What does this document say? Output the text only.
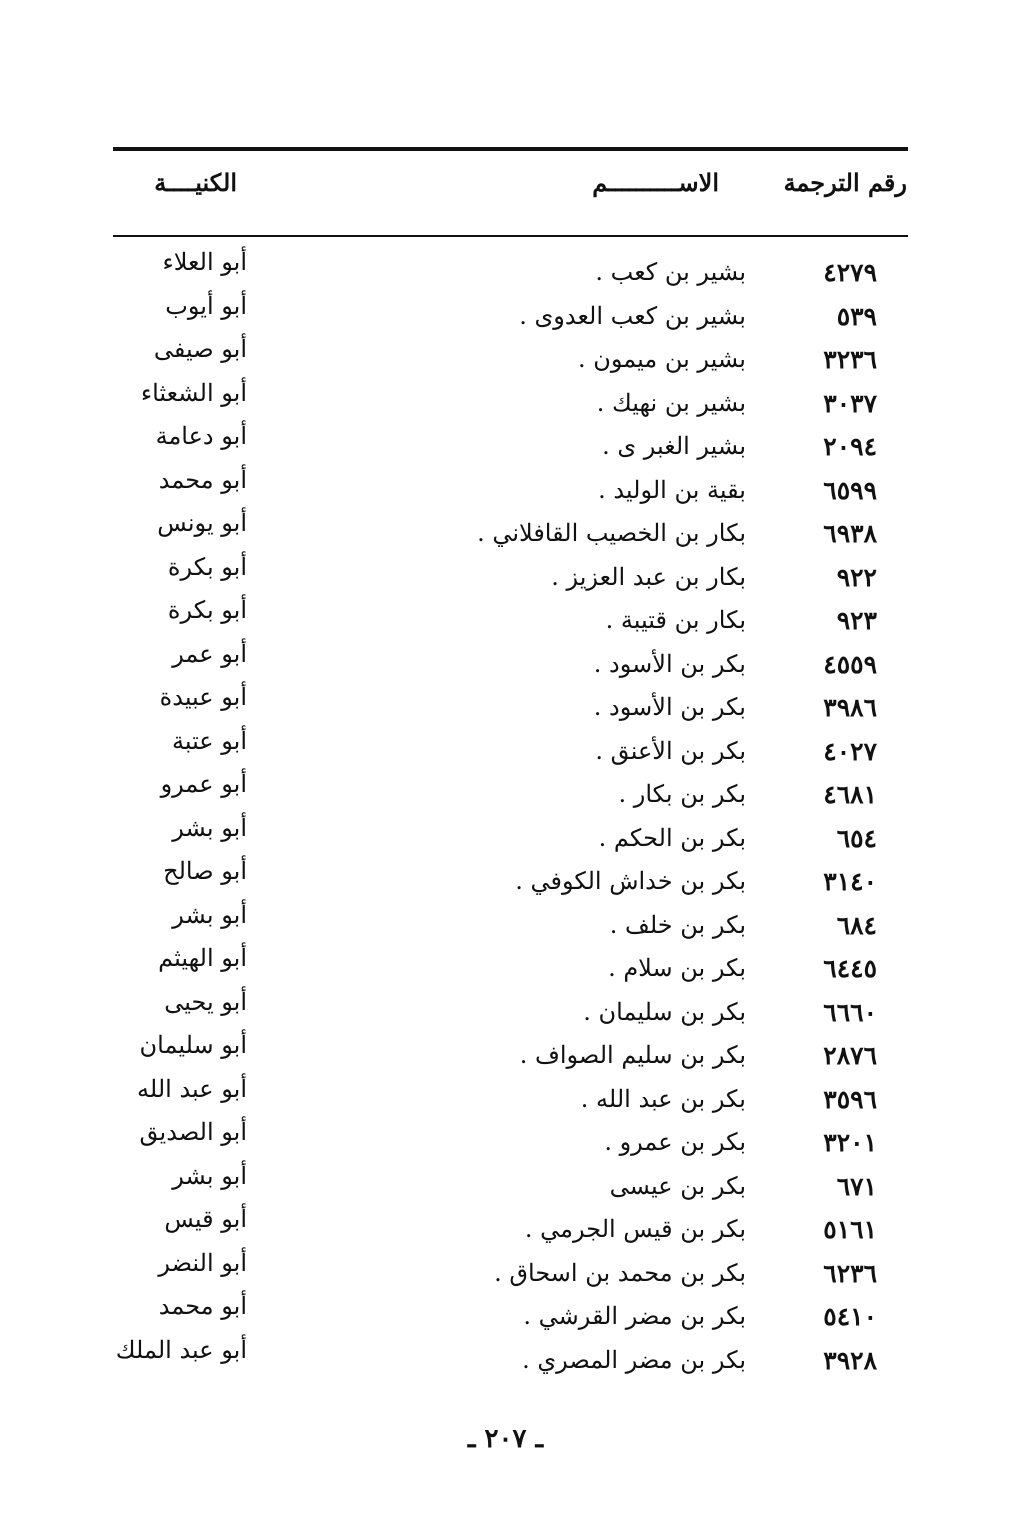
رقم الترجمة
الاســــــــــم
الكنيــــة
٤٢٧٩
بشير بن كعب .
أبو العلاء
٥٣٩
بشير بن كعب العدوى .
أبو أيوب
٣٢٣٦
بشير بن ميمون .
أبو صيفى
٣٠٣٧
بشير بن نهيك .
أبو الشعثاء
٢٠٩٤
بشير الغبر ى .
أبو دعامة
٦٥٩٩
بقية بن الوليد .
أبو محمد
٦٩٣٨
بكار بن الخصيب القافلاني .
أبو يونس
٩٢٢
بكار بن عبد العزيز .
أبو بكرة
٩٢٣
بكار بن قتيبة .
أبو بكرة
٤٥٥٩
بكر بن الأسود .
أبو عمر
٣٩٨٦
بكر بن الأسود .
أبو عبيدة
٤٠٢٧
بكر بن الأعنق .
أبو عتبة
٤٦٨١
بكر بن بكار .
أبو عمرو
٦٥٤
بكر بن الحكم .
أبو بشر
٣١٤٠
بكر بن خداش الكوفي .
أبو صالح
٦٨٤
بكر بن خلف .
أبو بشر
٦٤٤٥
بكر بن سلام .
أبو الهيثم
٦٦٦٠
بكر بن سليمان .
أبو يحيى
٢٨٧٦
بكر بن سليم الصواف .
أبو سليمان
٣٥٩٦
بكر بن عبد الله .
أبو عبد الله
٣٢٠١
بكر بن عمرو .
أبو الصديق
٦٧١
بكر بن عيسى
أبو بشر
٥١٦١
بكر بن قيس الجرمي .
أبو قيس
٦٢٣٦
بكر بن محمد بن اسحاق .
أبو النضر
٥٤١٠
بكر بن مضر القرشي .
أبو محمد
٣٩٢٨
بكر بن مضر المصري .
أبو عبد الملك
ـ ٢٠٧ ـ
